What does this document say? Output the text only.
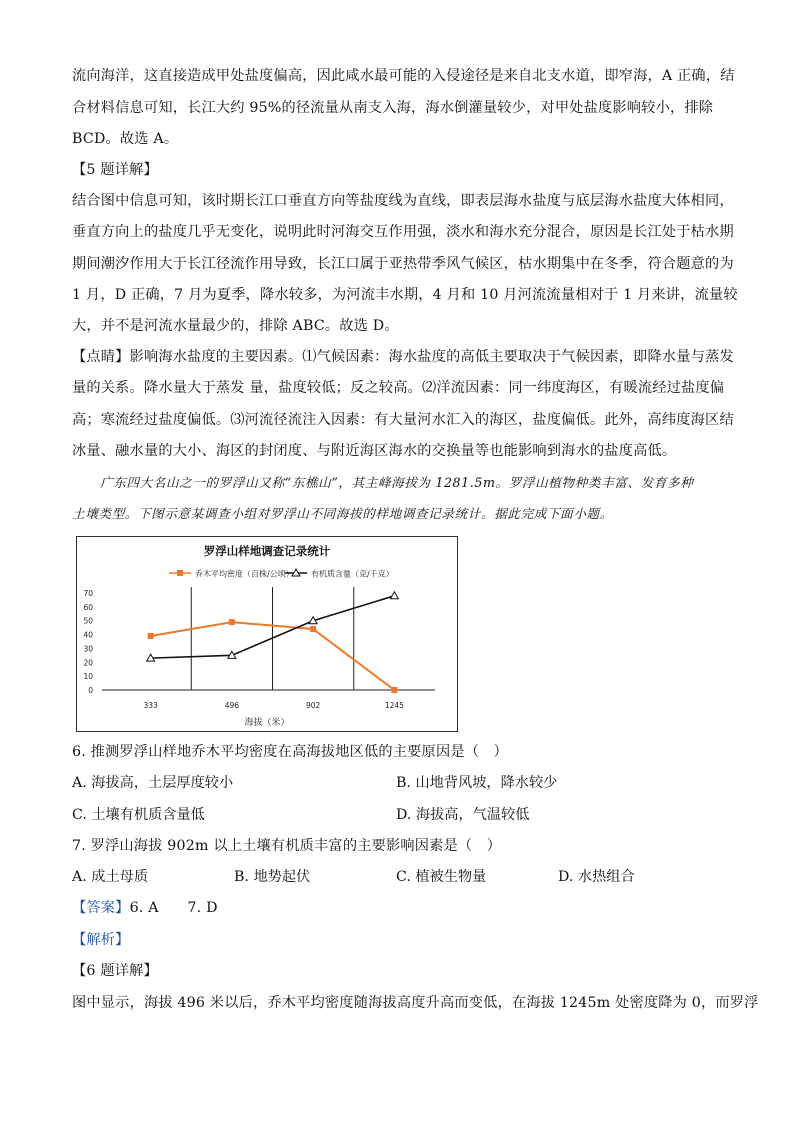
流向海洋，这直接造成甲处盐度偏高，因此咸水最可能的入侵途径是来自北支水道，即窄海，A 正确，结
合材料信息可知，长江大约 95%的径流量从南支入海，海水倒灌量较少，对甲处盐度影响较小，排除
BCD。故选 A。
【5 题详解】
结合图中信息可知，该时期长江口垂直方向等盐度线为直线，即表层海水盐度与底层海水盐度大体相同，
垂直方向上的盐度几乎无变化，说明此时河海交互作用强，淡水和海水充分混合，原因是长江处于枯水期
期间潮汐作用大于长江径流作用导致，长江口属于亚热带季风气候区，枯水期集中在冬季，符合题意的为
1 月，D 正确，7 月为夏季，降水较多，为河流丰水期，4 月和 10 月河流流量相对于 1 月来讲，流量较
大，并不是河流水量最少的，排除 ABC。故选 D。
【点睛】影响海水盐度的主要因素。⑴气候因素：海水盐度的高低主要取决于气候因素，即降水量与蒸发
量的关系。降水量大于蒸发 量，盐度较低；反之较高。⑵洋流因素：同一纬度海区，有暖流经过盐度偏
高；寒流经过盐度偏低。⑶河流径流注入因素：有大量河水汇入的海区，盐度偏低。此外，高纬度海区结
冰量、融水量的大小、海区的封闭度、与附近海区海水的交换量等也能影响到海水的盐度高低。
广东四大名山之一的罗浮山又称“东樵山”，其主峰海拔为 1281.5m。罗浮山植物种类丰富、发育多种
土壤类型。下图示意某调查小组对罗浮山不同海拔的样地调查记录统计。据此完成下面小题。
罗浮山样地调查记录统计
乔木平均密度（百株/公顷） 有机质含量（克/千克）
0
10
20
30
40
50
60
70
333	496	902	1245
海拔（米）
6. 推测罗浮山样地乔木平均密度在高海拔地区低的主要原因是（　）
A. 海拔高，土层厚度较小	B. 山地背风坡，降水较少
C. 土壤有机质含量低	D. 海拔高，气温较低
7. 罗浮山海拔 902m 以上土壤有机质丰富的主要影响因素是（　）
A. 成土母质	B. 地势起伏	C. 植被生物量	D. 水热组合
【答案】6. A　　7. D
【解析】
【6 题详解】
图中显示，海拔 496 米以后，乔木平均密度随海拔高度升高而变低，在海拔 1245m 处密度降为 0，而罗浮
